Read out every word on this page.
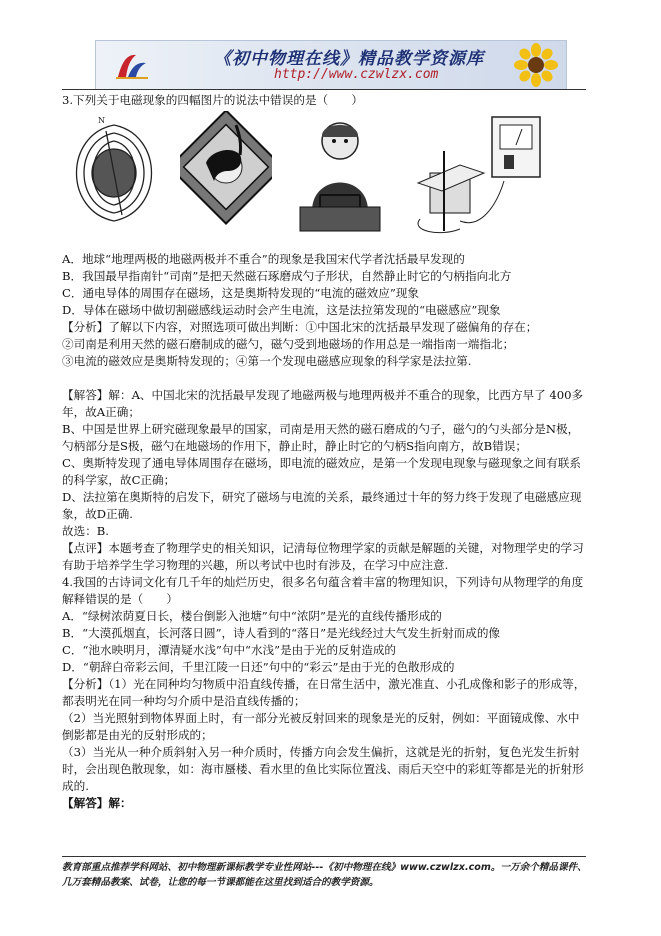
《初中物理在线》精品教学资源库
http://www.czwlzx.com

3.下列关于电磁现象的四幅图片的说法中错误的是（　　）

N

A．地球“地理两极的地磁两极并不重合”的现象是我国宋代学者沈括最早发现的

B．我国最早指南针“司南”是把天然磁石琢磨成勺子形状，自然静止时它的勺柄指向北方

C．通电导体的周围存在磁场，这是奥斯特发现的“电流的磁效应”现象

D．导体在磁场中做切割磁感线运动时会产生电流，这是法拉第发现的“电磁感应”现象

【分析】了解以下内容，对照选项可做出判断：①中国北宋的沈括最早发现了磁偏角的存在；

②司南是利用天然的磁石磨制成的磁勺，磁勺受到地磁场的作用总是一端指南一端指北；

③电流的磁效应是奥斯特发现的；④第一个发现电磁感应现象的科学家是法拉第.

【解答】解：A、中国北宋的沈括最早发现了地磁两极与地理两极并不重合的现象，比西方早了 400多年，故A正确；

B、中国是世界上研究磁现象最早的国家，司南是用天然的磁石磨成的勺子，磁勺的勺头部分是N极，勺柄部分是S极，磁勺在地磁场的作用下，静止时，静止时它的勺柄S指向南方，故B错误；

C、奥斯特发现了通电导体周围存在磁场，即电流的磁效应，是第一个发现电现象与磁现象之间有联系的科学家，故C正确；

D、法拉第在奥斯特的启发下，研究了磁场与电流的关系，最终通过十年的努力终于发现了电磁感应现象，故D正确.

故选：B.

【点评】本题考查了物理学史的相关知识，记清每位物理学家的贡献是解题的关键，对物理学史的学习有助于培养学生学习物理的兴趣，所以考试中也时有涉及，在学习中应注意.

4.我国的古诗词文化有几千年的灿烂历史，很多名句蕴含着丰富的物理知识，下列诗句从物理学的角度解释错误的是（　　）

A．“绿树浓荫夏日长，楼台倒影入池塘”句中“浓阴”是光的直线传播形成的

B．“大漠孤烟直，长河落日圆”，诗人看到的“落日”是光线经过大气发生折射而成的像

C．“池水映明月，潭清疑水浅”句中“水浅”是由于光的反射造成的

D．“朝辞白帝彩云间，千里江陵一日还”句中的“彩云”是由于光的色散形成的

【分析】（1）光在同种均匀物质中沿直线传播，在日常生活中，激光准直、小孔成像和影子的形成等，都表明光在同一种均匀介质中是沿直线传播的；

（2）当光照射到物体界面上时，有一部分光被反射回来的现象是光的反射，例如：平面镜成像、水中倒影都是由光的反射形成的；

（3）当光从一种介质斜射入另一种介质时，传播方向会发生偏折，这就是光的折射，复色光发生折射时，会出现色散现象，如：海市蜃楼、看水里的鱼比实际位置浅、雨后天空中的彩虹等都是光的折射形成的.

【解答】解：

教育部重点推荐学科网站、初中物理新课标教学专业性网站---《初中物理在线》www.czwlzx.com。一万余个精品课件、
几万套精品教案、试卷，让您的每一节课都能在这里找到适合的教学资源。
